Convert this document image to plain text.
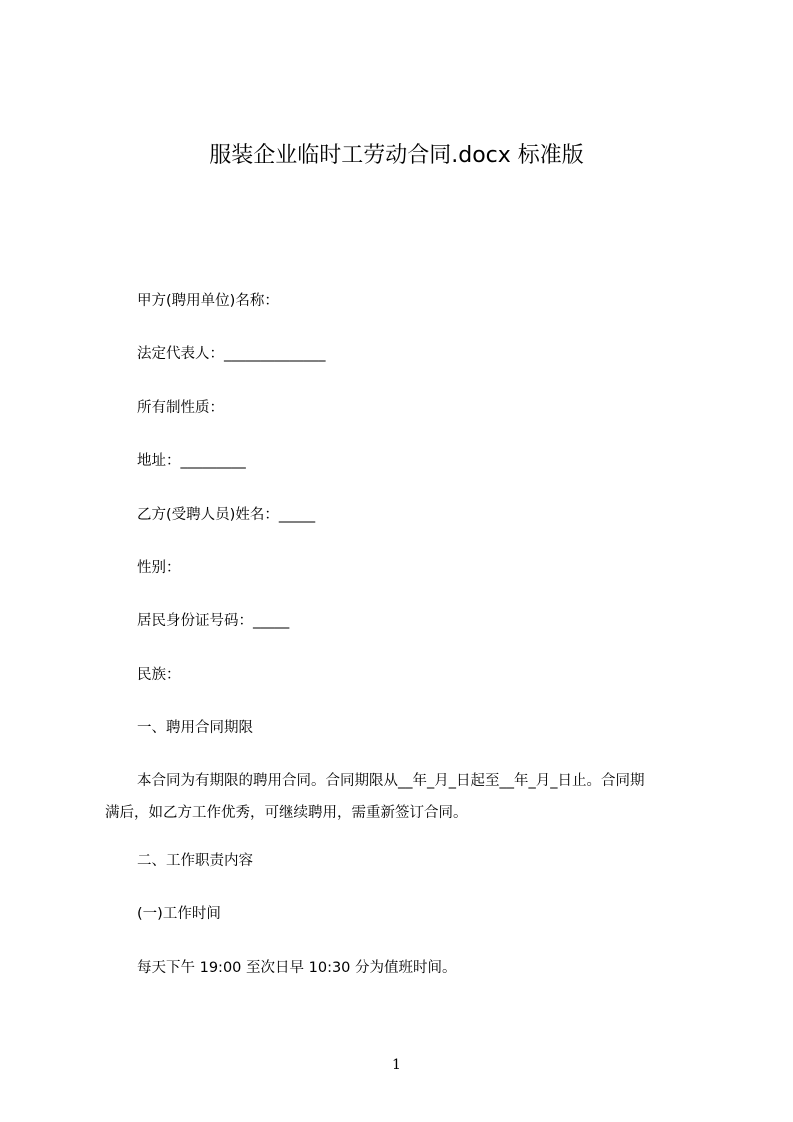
服装企业临时工劳动合同.docx 标准版
甲方(聘用单位)名称：
法定代表人：______________
所有制性质：
地址：_________
乙方(受聘人员)姓名：_____
性别：
居民身份证号码：_____
民族：
一、聘用合同期限
本合同为有期限的聘用合同。合同期限从__年_月_日起至__年_月_日止。合同期
满后，如乙方工作优秀，可继续聘用，需重新签订合同。
二、工作职责内容
(一)工作时间
每天下午 19:00 至次日早 10:30 分为值班时间。
1
